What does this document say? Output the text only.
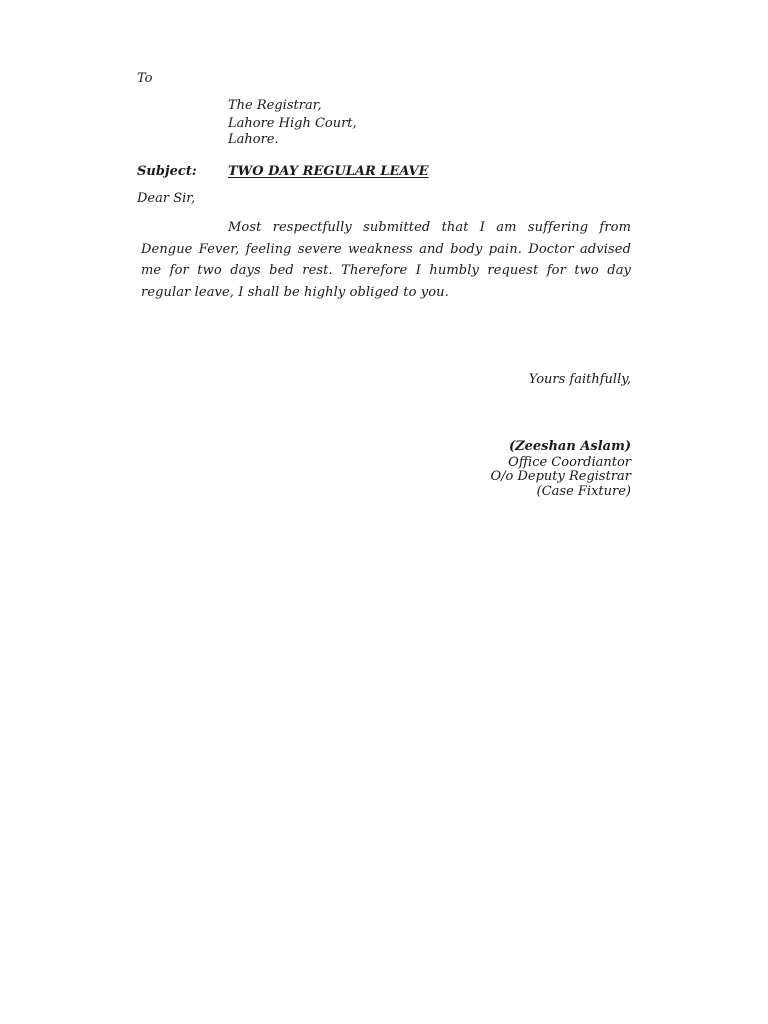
To
The Registrar,
Lahore High Court,
Lahore.
Subject: TWO DAY REGULAR LEAVE
Dear Sir,

Most respectfully submitted that I am suffering from Dengue Fever, feeling severe weakness and body pain. Doctor advised me for two days bed rest. Therefore I humbly request for two day regular leave, I shall be highly obliged to you.

Yours faithfully,
(Zeeshan Aslam)
Office Coordiantor
O/o Deputy Registrar
(Case Fixture)
